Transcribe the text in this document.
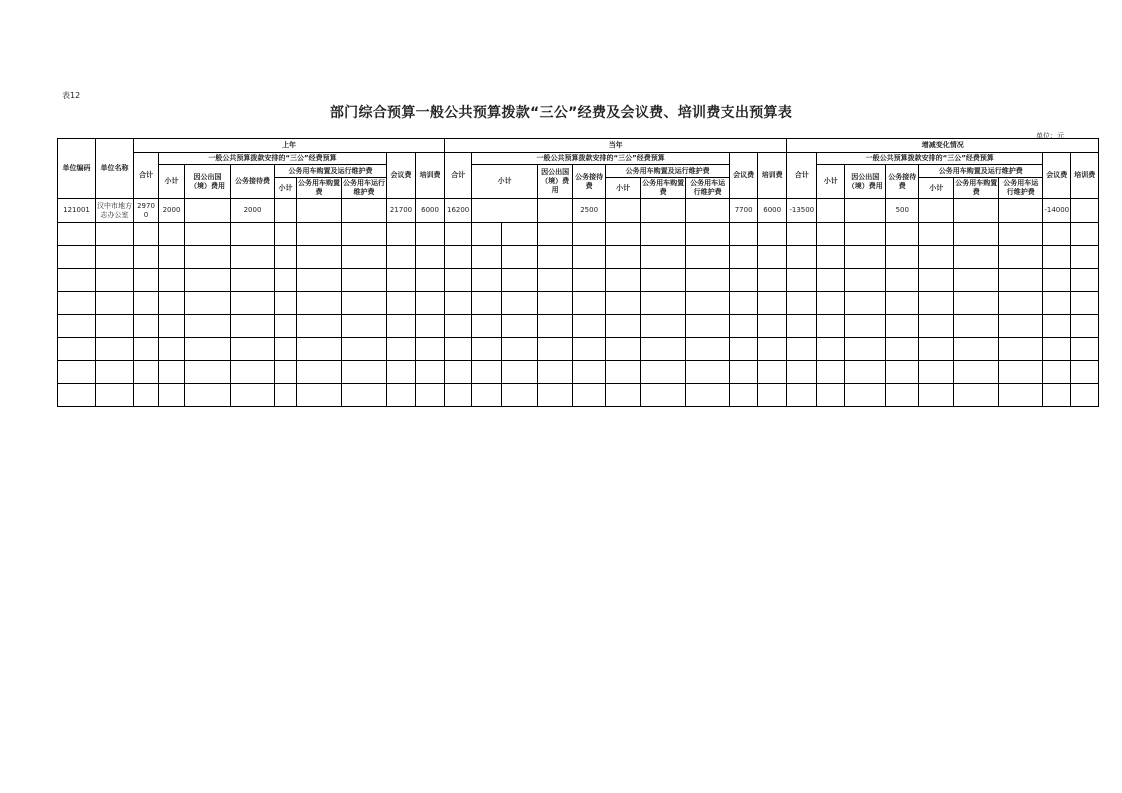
表12
部门综合预算一般公共预算拨款“三公”经费及会议费、培训费支出预算表
单位：元
单位编码	单位名称	上年									当年										增减变化情况								
		合计	一般公共预算拨款安排的“三公”经费预算						会议费	培训费	合计	一般公共预算拨款安排的“三公”经费预算							会议费	培训费	合计	一般公共预算拨款安排的“三公”经费预算						会议费	培训费
			小计	因公出国（境）费用	公务接待费	公务用车购置及运行维护费						小计		因公出国（境）费用	公务接待费	公务用车购置及运行维护费						小计	因公出国（境）费用	公务接待费	公务用车购置及运行维护费				
						小计	公务用车购置费	公务用车运行维护费								小计	公务用车购置费	公务用车运行维护费							小计	公务用车购置费	公务用车运行维护费		
121001	汉中市地方志办公室	29700	2000		2000				21700	6000	16200				2500				7700	6000	-13500			500				-14000	
